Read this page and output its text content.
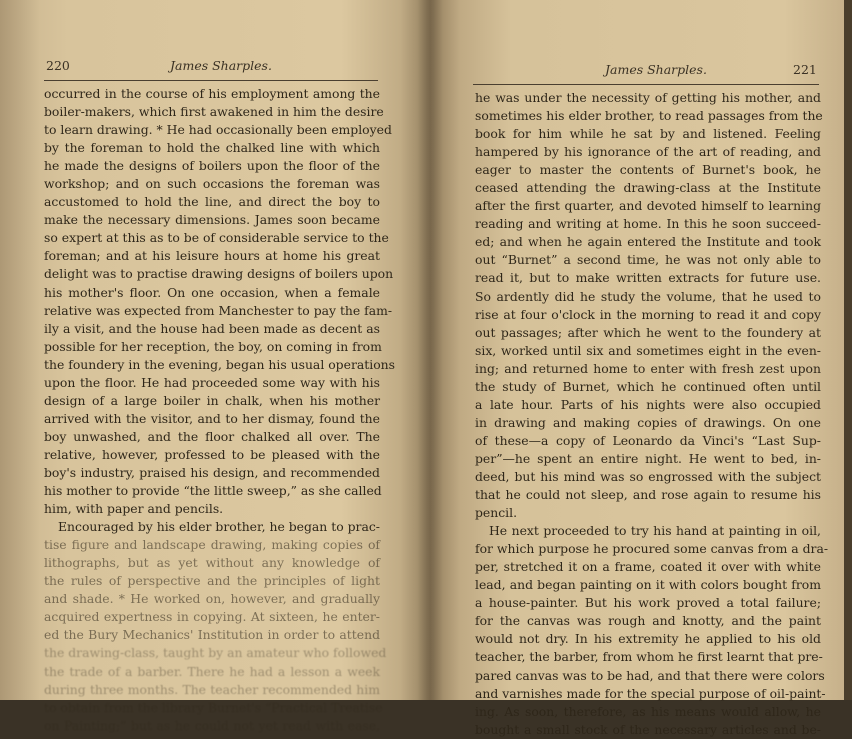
220	James Sharples.

occurred in the course of his employment among the

boiler-makers, which first awakened in him the desire

to learn drawing. * He had occasionally been employed

by the foreman to hold the chalked line with which

he made the designs of boilers upon the floor of the

workshop; and on such occasions the foreman was

accustomed to hold the line, and direct the boy to

make the necessary dimensions. James soon became

so expert at this as to be of considerable service to the

foreman; and at his leisure hours at home his great

delight was to practise drawing designs of boilers upon

his mother's floor. On one occasion, when a female

relative was expected from Manchester to pay the fam-

ily a visit, and the house had been made as decent as

possible for her reception, the boy, on coming in from

the foundery in the evening, began his usual operations

upon the floor. He had proceeded some way with his

design of a large boiler in chalk, when his mother

arrived with the visitor, and to her dismay, found the

boy unwashed, and the floor chalked all over. The

relative, however, professed to be pleased with the

boy's industry, praised his design, and recommended

his mother to provide “the little sweep,” as she called

him, with paper and pencils.

Encouraged by his elder brother, he began to prac-

tise figure and landscape drawing, making copies of

lithographs, but as yet without any knowledge of

the rules of perspective and the principles of light

and shade. * He worked on, however, and gradually

acquired expertness in copying. At sixteen, he enter-

ed the Bury Mechanics' Institution in order to attend

the drawing-class, taught by an amateur who followed

the trade of a barber. There he had a lesson a week

during three months. The teacher recommended him

to obtain from the library Burnet's “Practical Treatise

on Painting;” but as he could not yet read with ease,

James Sharples.	221

he was under the necessity of getting his mother, and

sometimes his elder brother, to read passages from the

book for him while he sat by and listened. Feeling

hampered by his ignorance of the art of reading, and

eager to master the contents of Burnet's book, he

ceased attending the drawing-class at the Institute

after the first quarter, and devoted himself to learning

reading and writing at home. In this he soon succeed-

ed; and when he again entered the Institute and took

out “Burnet” a second time, he was not only able to

read it, but to make written extracts for future use.

So ardently did he study the volume, that he used to

rise at four o'clock in the morning to read it and copy

out passages; after which he went to the foundery at

six, worked until six and sometimes eight in the even-

ing; and returned home to enter with fresh zest upon

the study of Burnet, which he continued often until

a late hour. Parts of his nights were also occupied

in drawing and making copies of drawings. On one

of these—a copy of Leonardo da Vinci's “Last Sup-

per”—he spent an entire night. He went to bed, in-

deed, but his mind was so engrossed with the subject

that he could not sleep, and rose again to resume his

pencil.

He next proceeded to try his hand at painting in oil,

for which purpose he procured some canvas from a dra-

per, stretched it on a frame, coated it over with white

lead, and began painting on it with colors bought from

a house-painter. But his work proved a total failure;

for the canvas was rough and knotty, and the paint

would not dry. In his extremity he applied to his old

teacher, the barber, from whom he first learnt that pre-

pared canvas was to be had, and that there were colors

and varnishes made for the special purpose of oil-paint-

ing. As soon, therefore, as his means would allow, he

bought a small stock of the necessary articles and be-
